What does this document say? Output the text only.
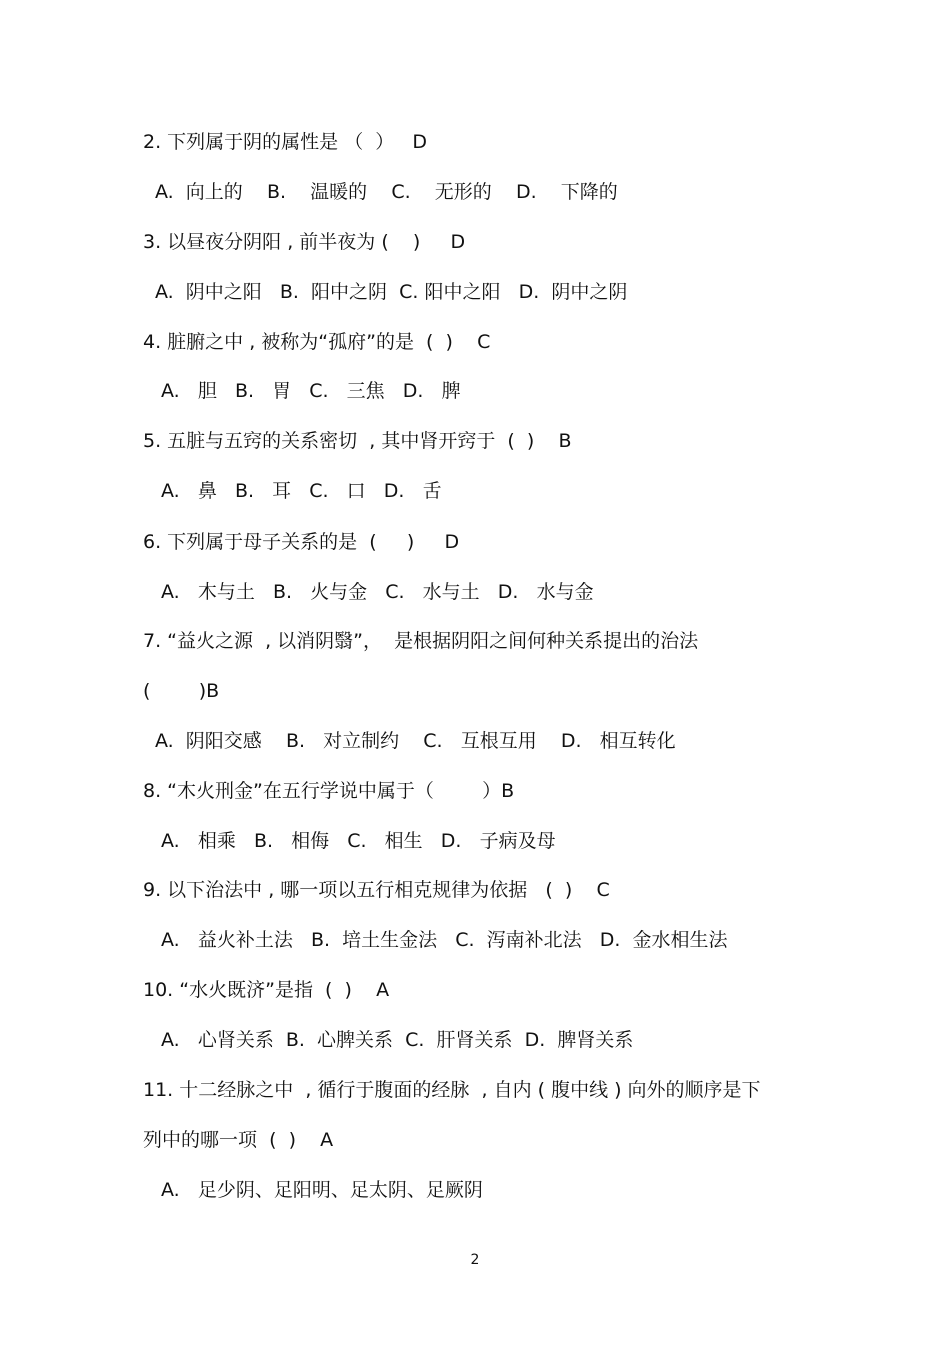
2. 下列属于阴的属性是 （  ）   D
A.  向上的    B.    温暖的    C.    无形的    D.    下降的
3. 以昼夜分阴阳 , 前半夜为 (    )     D
A.  阴中之阳   B.  阳中之阴  C. 阳中之阳   D.  阴中之阴
4. 脏腑之中 , 被称为“孤府”的是  (  )    C
A.   胆   B.   胃   C.   三焦   D.   脾
5. 五脏与五窍的关系密切  , 其中肾开窍于  (  )    B
A.   鼻   B.   耳   C.   口   D.   舌
6. 下列属于母子关系的是  (     )     D
A.   木与土   B.   火与金   C.   水与土   D.   水与金
7. “益火之源  , 以消阴翳”，  是根据阴阳之间何种关系提出的治法
(        )B
A.  阴阳交感    B.   对立制约    C.   互根互用    D.   相互转化
8. “木火刑金”在五行学说中属于（        ）B
A.   相乘   B.   相侮   C.   相生   D.   子病及母
9. 以下治法中 , 哪一项以五行相克规律为依据   (  )    C
A.   益火补土法   B.  培土生金法   C.  泻南补北法   D.  金水相生法
10. “水火既济”是指  (  )    A
A.   心肾关系  B.  心脾关系  C.  肝肾关系  D.  脾肾关系
11. 十二经脉之中  , 循行于腹面的经脉  , 自内 ( 腹中线 ) 向外的顺序是下
列中的哪一项  (  )    A
A.   足少阴、足阳明、足太阴、足厥阴
2
